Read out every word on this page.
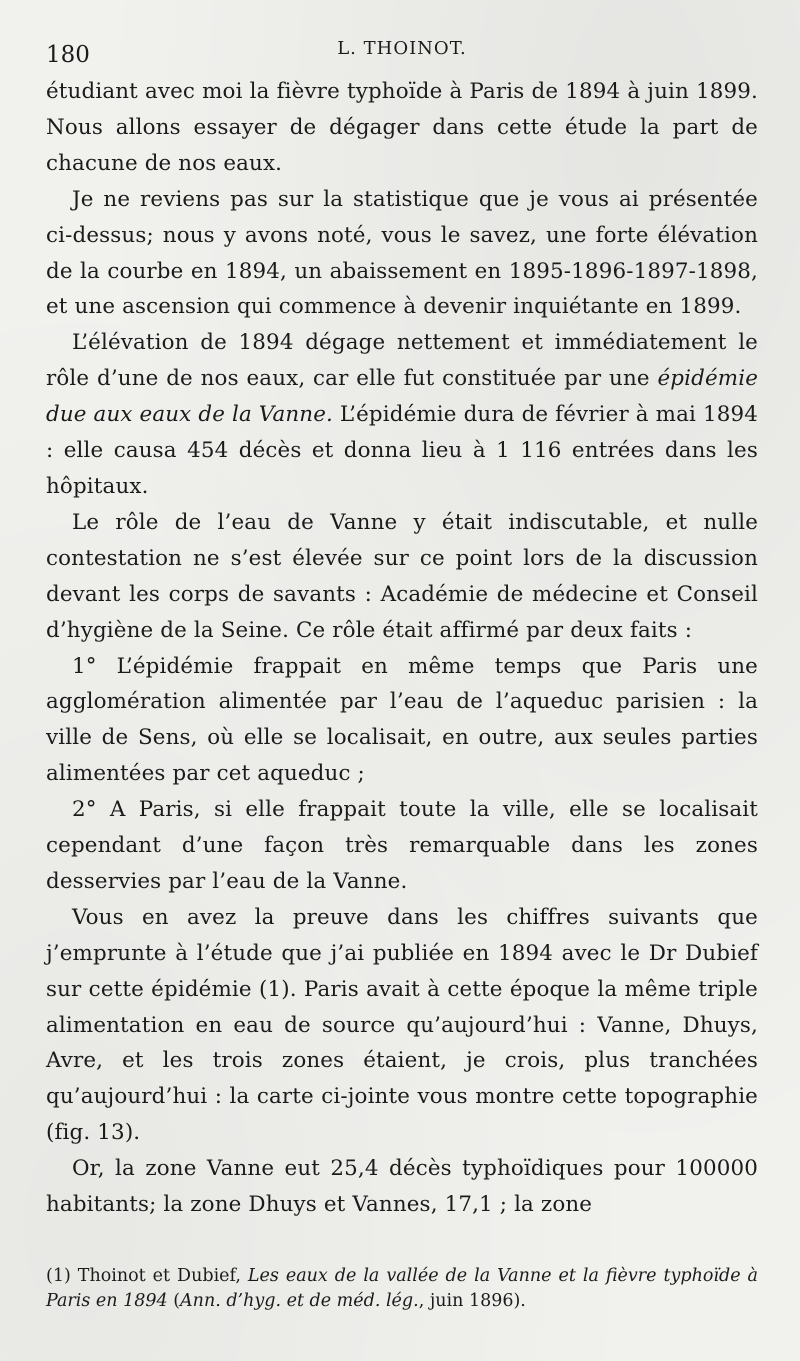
180	L. THOINOT.

étudiant avec moi la fièvre typhoïde à Paris de 1894 à juin 1899. Nous allons essayer de dégager dans cette étude la part de chacune de nos eaux.

Je ne reviens pas sur la statistique que je vous ai présentée ci-dessus; nous y avons noté, vous le savez, une forte élévation de la courbe en 1894, un abaissement en 1895-1896-1897-1898, et une ascension qui commence à devenir inquiétante en 1899.

L’élévation de 1894 dégage nettement et immédiatement le rôle d’une de nos eaux, car elle fut constituée par une épidémie due aux eaux de la Vanne. L’épidémie dura de février à mai 1894 : elle causa 454 décès et donna lieu à 1 116 entrées dans les hôpitaux.

Le rôle de l’eau de Vanne y était indiscutable, et nulle contestation ne s’est élevée sur ce point lors de la discussion devant les corps de savants : Académie de médecine et Conseil d’hygiène de la Seine. Ce rôle était affirmé par deux faits :

1° L’épidémie frappait en même temps que Paris une agglomération alimentée par l’eau de l’aqueduc parisien : la ville de Sens, où elle se localisait, en outre, aux seules parties alimentées par cet aqueduc ;

2° A Paris, si elle frappait toute la ville, elle se localisait cependant d’une façon très remarquable dans les zones desservies par l’eau de la Vanne.

Vous en avez la preuve dans les chiffres suivants que j’emprunte à l’étude que j’ai publiée en 1894 avec le Dr Dubief sur cette épidémie (1). Paris avait à cette époque la même triple alimentation en eau de source qu’aujourd’hui : Vanne, Dhuys, Avre, et les trois zones étaient, je crois, plus tranchées qu’aujourd’hui : la carte ci-jointe vous montre cette topographie (fig. 13).

Or, la zone Vanne eut 25,4 décès typhoïdiques pour 100000 habitants; la zone Dhuys et Vannes, 17,1 ; la zone

(1) Thoinot et Dubief, Les eaux de la vallée de la Vanne et la fièvre typhoïde à Paris en 1894 (Ann. d’hyg. et de méd. lég., juin 1896).
